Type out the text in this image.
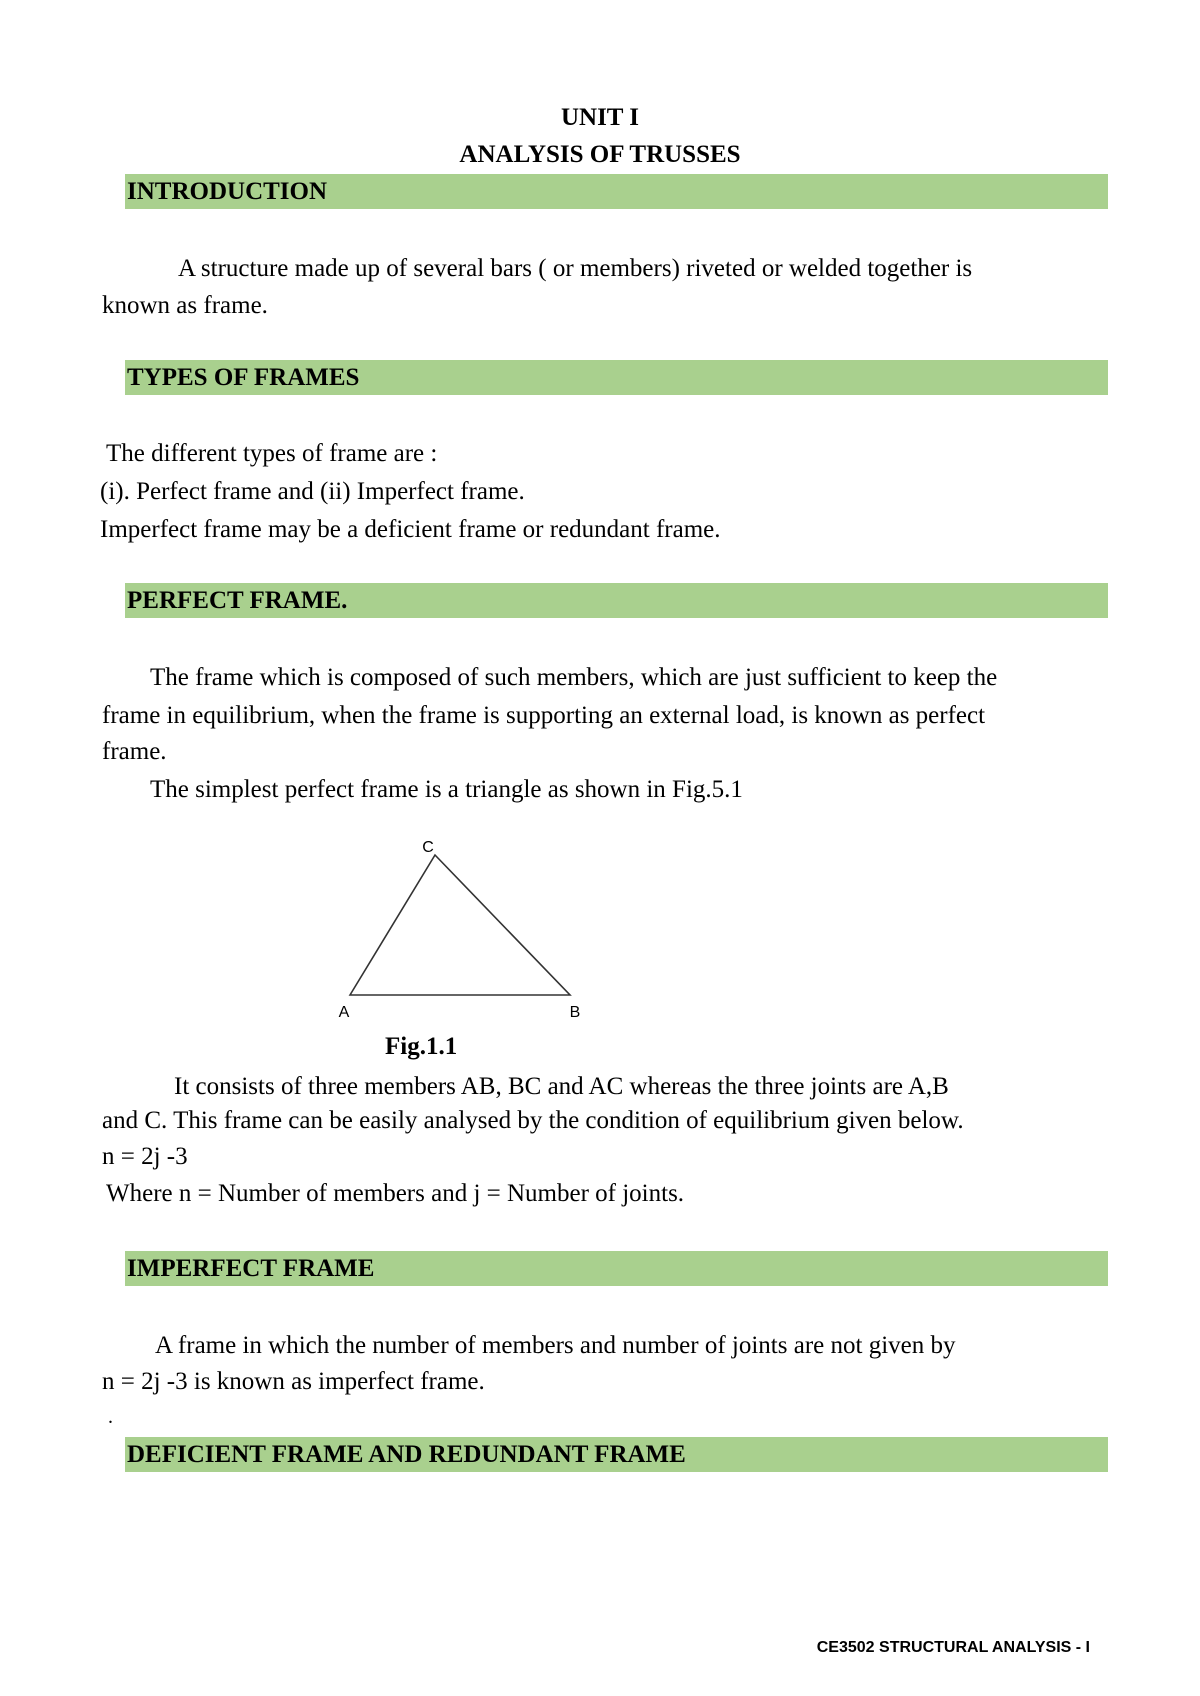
UNIT I
ANALYSIS OF TRUSSES
INTRODUCTION
A structure made up of several bars ( or members) riveted or welded together is
known as frame.
TYPES OF FRAMES
The different types of frame are :
(i). Perfect frame and (ii) Imperfect frame.
Imperfect frame may be a deficient frame or redundant frame.
PERFECT FRAME.
The frame which is composed of such members, which are just sufficient to keep the
frame in equilibrium, when the frame is supporting an external load, is known as perfect
frame.
The simplest perfect frame is a triangle as shown in Fig.5.1
C
A	B
Fig.1.1
It consists of three members AB, BC and AC whereas the three joints are A,B
and C. This frame can be easily analysed by the condition of equilibrium given below.
n = 2j -3
Where n = Number of members and j = Number of joints.
IMPERFECT FRAME
A frame in which the number of members and number of joints are not given by
n = 2j -3 is known as imperfect frame.
.
DEFICIENT FRAME AND REDUNDANT FRAME
CE3502 STRUCTURAL ANALYSIS - I
